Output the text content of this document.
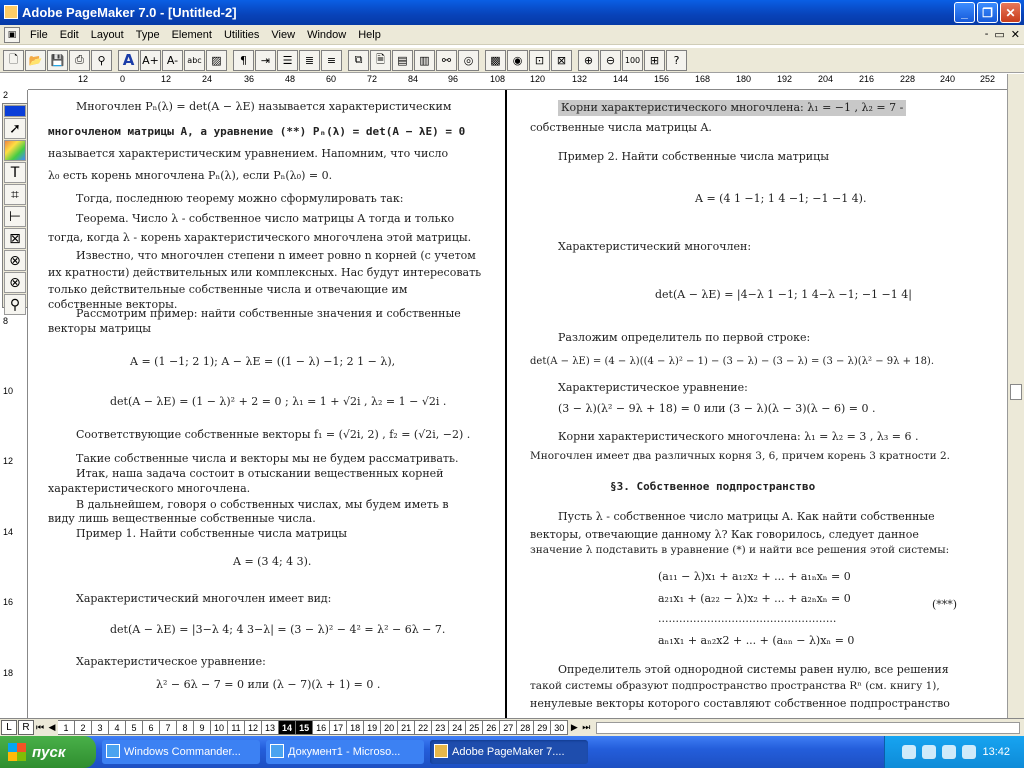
Adobe PageMaker 7.0 - [Untitled-2]	_	❐	✕
▣	File	Edit	Layout	Type	Element	Utilities	View	Window	Help	- ▭ ✕
🗋 📂 💾 ⎙	⚲	A A+ A-	abc ▨	¶	⇥	☰	≣	≡	⧉	🗎	▤	▥	⚯	◎	▩	◉	⊡	⊠	⊕	⊖	100 ⊞	?
12	0	12	24	36	48	60	72	84	96	108	120	132	144	156	168	180	192	204	216	228	240	252
2
8
10
12
14
16
18
Многочлен Pₙ(λ) = det(A − λE) называется характеристическим
многочленом матрицы A, а уравнение (**) Pₙ(λ) = det(A − λE) = 0
называется характеристическим уравнением. Напомним, что число
λ₀ есть корень многочлена Pₙ(λ), если Pₙ(λ₀) = 0.
Тогда, последнюю теорему можно сформулировать так:
Теорема. Число λ - собственное число матрицы A тогда и только
тогда, когда λ - корень характеристического многочлена этой матрицы.
Известно, что многочлен степени n имеет ровно n корней (с учетом
их кратности) действительных или комплексных. Нас будут интересовать
только действительные собственные числа и отвечающие им
собственные векторы.
Рассмотрим пример: найти собственные значения и собственные
векторы матрицы
A = (1 −1; 2 1); A − λE = ((1 − λ) −1; 2 1 − λ),
det(A − λE) = (1 − λ)² + 2 = 0 ; λ₁ = 1 + √2i , λ₂ = 1 − √2i .
Соответствующие собственные векторы f₁ = (√2i, 2) , f₂ = (√2i, −2) .
Такие собственные числа и векторы мы не будем рассматривать.
Итак, наша задача состоит в отыскании вещественных корней
характеристического многочлена.
В дальнейшем, говоря о собственных числах, мы будем иметь в
виду лишь вещественные собственные числа.
Пример 1. Найти собственные числа матрицы
A = (3 4; 4 3).
Характеристический многочлен имеет вид:
det(A − λE) = |3−λ 4; 4 3−λ| = (3 − λ)² − 4² = λ² − 6λ − 7.
Характеристическое уравнение:
λ² − 6λ − 7 = 0 или (λ − 7)(λ + 1) = 0 .
Корни характеристического многочлена: λ₁ = −1 , λ₂ = 7 -
собственные числа матрицы A.
Пример 2. Найти собственные числа матрицы
A = (4 1 −1; 1 4 −1; −1 −1 4).
Характеристический многочлен:
det(A − λE) = |4−λ 1 −1; 1 4−λ −1; −1 −1 4|
Разложим определитель по первой строке:
det(A − λE) = (4 − λ)((4 − λ)² − 1) − (3 − λ) − (3 − λ) = (3 − λ)(λ² − 9λ + 18).
Характеристическое уравнение:
(3 − λ)(λ² − 9λ + 18) = 0 или (3 − λ)(λ − 3)(λ − 6) = 0 .
Корни характеристического многочлена: λ₁ = λ₂ = 3 , λ₃ = 6 .
Многочлен имеет два различных корня 3, 6, причем корень 3 кратности 2.
§3. Собственное подпространство
Пусть λ - собственное число матрицы A. Как найти собственные
векторы, отвечающие данному λ? Как говорилось, следует данное
значение λ подставить в уравнение (*) и найти все решения этой системы:
(a₁₁ − λ)x₁ + a₁₂x₂ + ... + a₁ₙxₙ = 0
a₂₁x₁ + (a₂₂ − λ)x₂ + ... + a₂ₙxₙ = 0
...................................................
aₙ₁x₁ + aₙ₂x2 + ... + (aₙₙ − λ)xₙ = 0
(***)
Определитель этой однородной системы равен нулю, все решения
такой системы образуют подпространство пространства Rⁿ (см. книгу 1),
ненулевые векторы которого составляют собственное подпространство
➚
T
⌗
⊢
⊠
⊗
⊗
⚲
L	R ⏮ ◀ 1	2	3	4	5	6	7	8	9	10 11 12 13 14 15 16 17 18 19 20 21 22 23 24 25 26 27 28 29 30 ▶ ⏭
пуск	Windows Commander...	Документ1 - Microso...	Adobe PageMaker 7....	13:42
